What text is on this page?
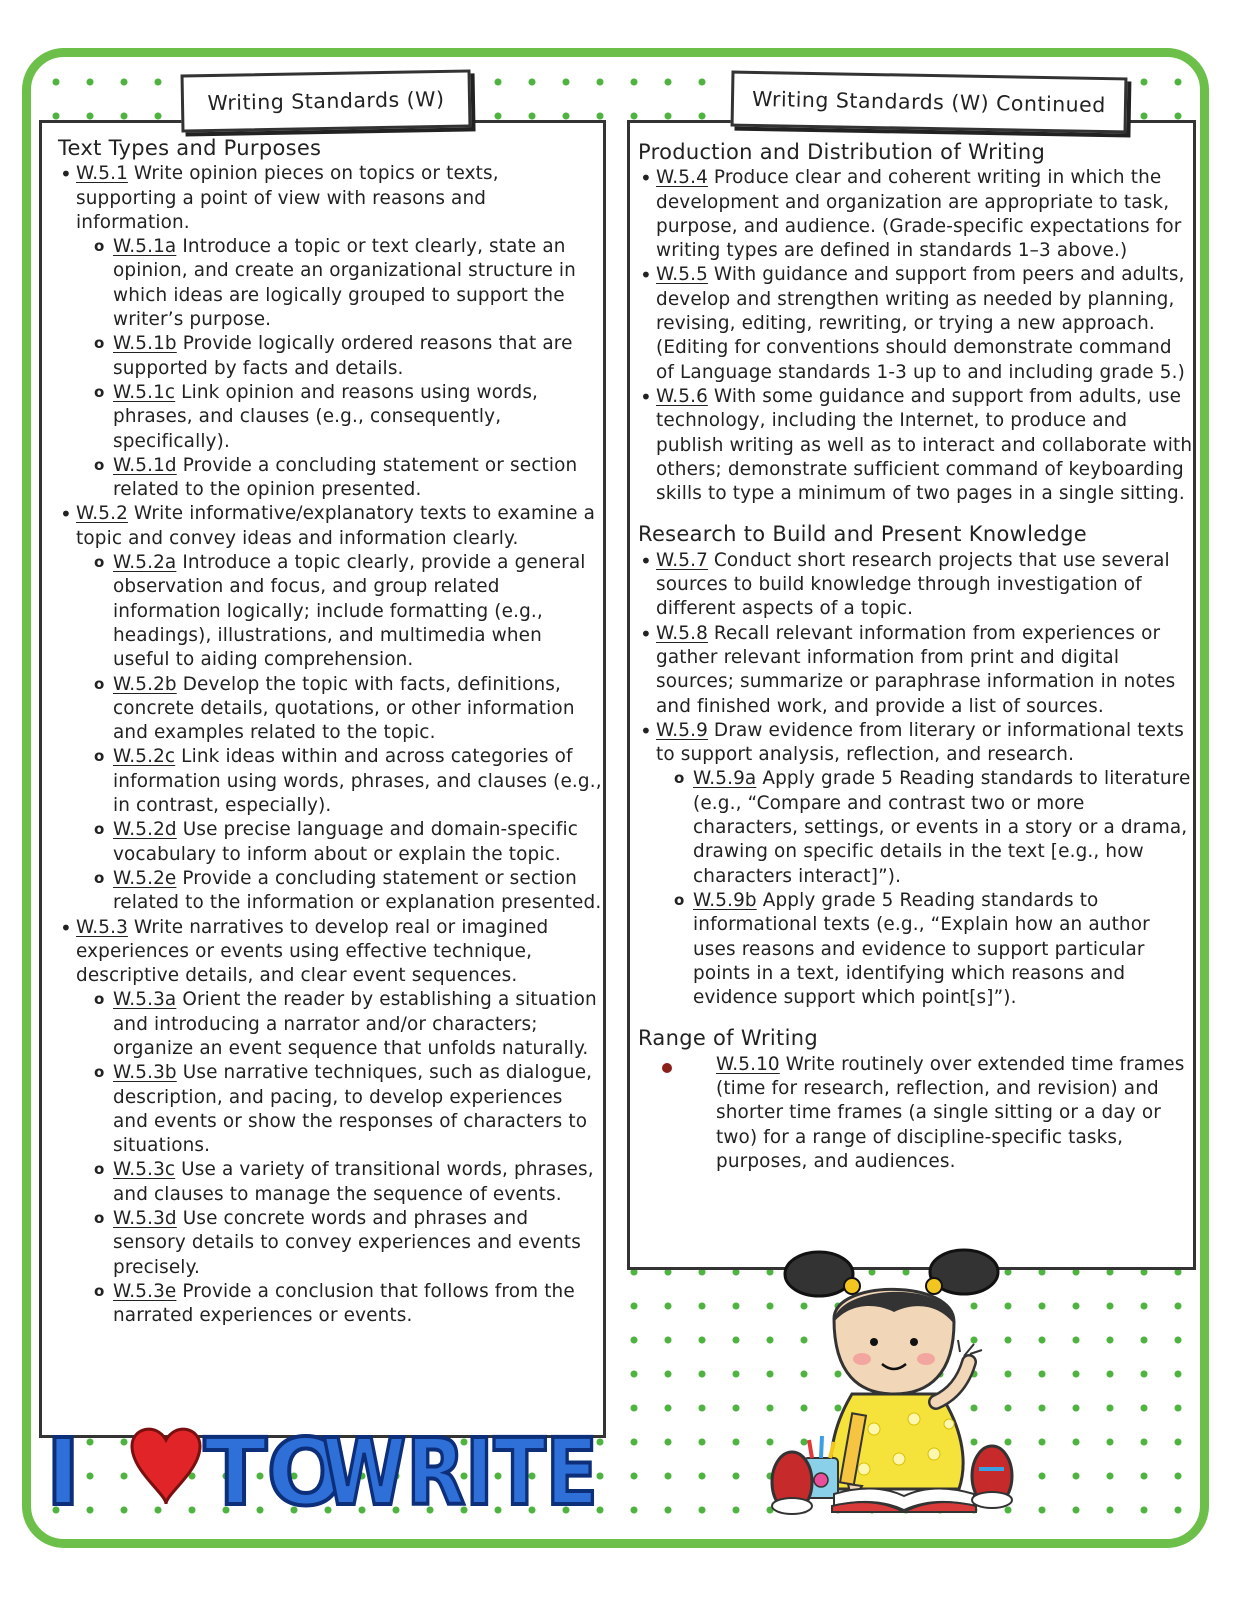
Writing Standards (W)
Text Types and Purposes
• W.5.1 Write opinion pieces on topics or texts, supporting a point of view with reasons and information.
o W.5.1a Introduce a topic or text clearly, state an opinion, and create an organizational structure in which ideas are logically grouped to support the writer’s purpose.
o W.5.1b Provide logically ordered reasons that are supported by facts and details.
o W.5.1c Link opinion and reasons using words, phrases, and clauses (e.g., consequently, specifically).
o W.5.1d Provide a concluding statement or section related to the opinion presented.
• W.5.2 Write informative/explanatory texts to examine a topic and convey ideas and information clearly.
o W.5.2a Introduce a topic clearly, provide a general observation and focus, and group related information logically; include formatting (e.g., headings), illustrations, and multimedia when useful to aiding comprehension.
o W.5.2b Develop the topic with facts, definitions, concrete details, quotations, or other information and examples related to the topic.
o W.5.2c Link ideas within and across categories of information using words, phrases, and clauses (e.g., in contrast, especially).
o W.5.2d Use precise language and domain-specific vocabulary to inform about or explain the topic.
o W.5.2e Provide a concluding statement or section related to the information or explanation presented.
• W.5.3 Write narratives to develop real or imagined experiences or events using effective technique, descriptive details, and clear event sequences.
o W.5.3a Orient the reader by establishing a situation and introducing a narrator and/or characters; organize an event sequence that unfolds naturally.
o W.5.3b Use narrative techniques, such as dialogue, description, and pacing, to develop experiences and events or show the responses of characters to situations.
o W.5.3c Use a variety of transitional words, phrases, and clauses to manage the sequence of events.
o W.5.3d Use concrete words and phrases and sensory details to convey experiences and events precisely.
o W.5.3e Provide a conclusion that follows from the narrated experiences or events.
Writing Standards (W) Continued
Production and Distribution of Writing
• W.5.4 Produce clear and coherent writing in which the development and organization are appropriate to task, purpose, and audience. (Grade-specific expectations for writing types are defined in standards 1–3 above.)
• W.5.5 With guidance and support from peers and adults, develop and strengthen writing as needed by planning, revising, editing, rewriting, or trying a new approach. (Editing for conventions should demonstrate command of Language standards 1-3 up to and including grade 5.)
• W.5.6 With some guidance and support from adults, use technology, including the Internet, to produce and publish writing as well as to interact and collaborate with others; demonstrate sufficient command of keyboarding skills to type a minimum of two pages in a single sitting.
Research to Build and Present Knowledge
• W.5.7 Conduct short research projects that use several sources to build knowledge through investigation of different aspects of a topic.
• W.5.8 Recall relevant information from experiences or gather relevant information from print and digital sources; summarize or paraphrase information in notes and finished work, and provide a list of sources.
• W.5.9 Draw evidence from literary or informational texts to support analysis, reflection, and research.
o W.5.9a Apply grade 5 Reading standards to literature (e.g., “Compare and contrast two or more characters, settings, or events in a story or a drama, drawing on specific details in the text [e.g., how characters interact]”).
o W.5.9b Apply grade 5 Reading standards to informational texts (e.g., “Explain how an author uses reasons and evidence to support particular points in a text, identifying which reasons and evidence support which point[s]”).
Range of Writing
W.5.10 Write routinely over extended time frames (time for research, reflection, and revision) and shorter time frames (a single sitting or a day or two) for a range of discipline-specific tasks, purposes, and audiences.
I TO
WRITE
